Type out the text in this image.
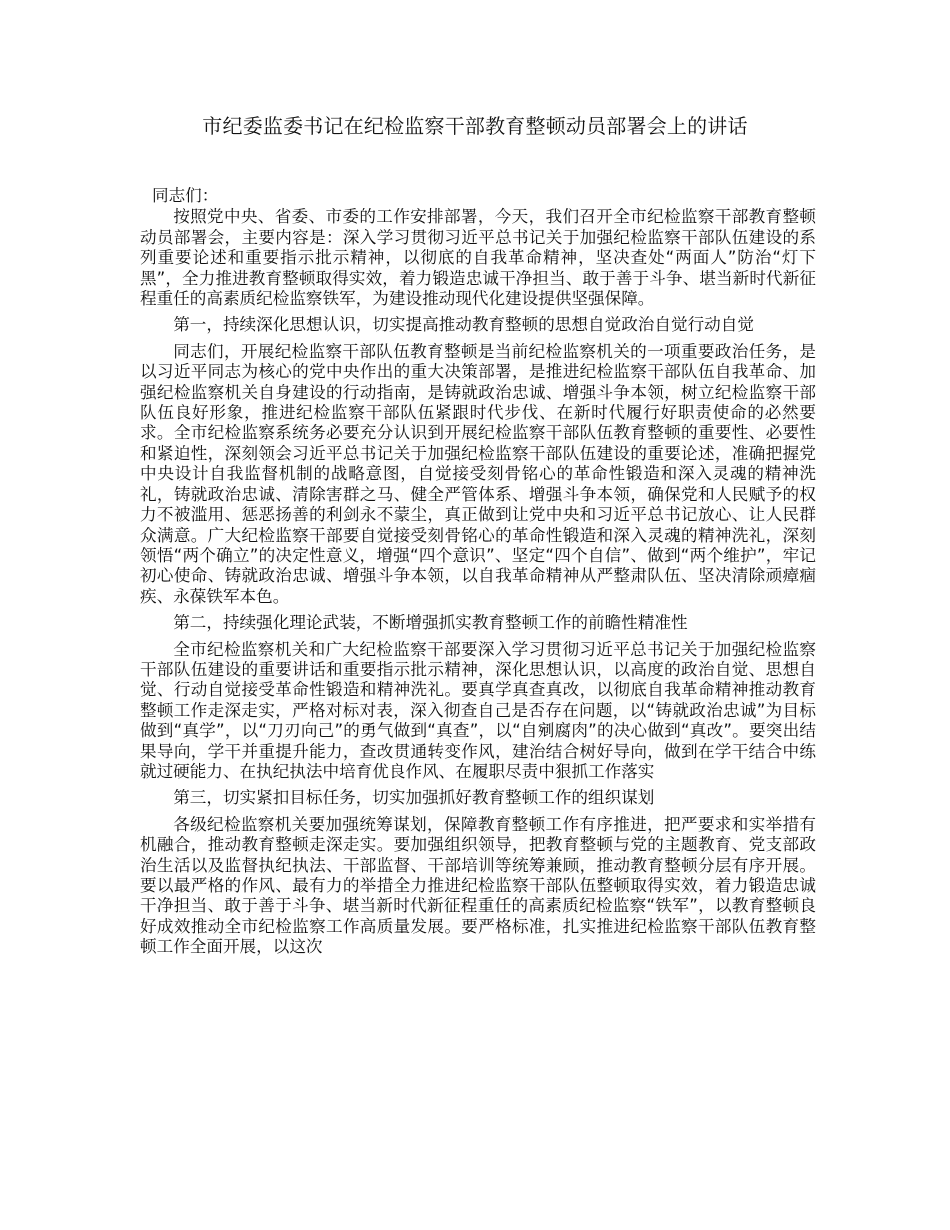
市纪委监委书记在纪检监察干部教育整顿动员部署会上的讲话

同志们：

按照党中央、省委、市委的工作安排部署，今天，我们召开全市纪检监察干部教育整顿动员部署会，主要内容是：深入学习贯彻习近平总书记关于加强纪检监察干部队伍建设的系列重要论述和重要指示批示精神，以彻底的自我革命精神，坚决查处“两面人”防治“灯下黑”，全力推进教育整顿取得实效，着力锻造忠诚干净担当、敢于善于斗争、堪当新时代新征程重任的高素质纪检监察铁军，为建设推动现代化建设提供坚强保障。

第一，持续深化思想认识，切实提高推动教育整顿的思想自觉政治自觉行动自觉

同志们，开展纪检监察干部队伍教育整顿是当前纪检监察机关的一项重要政治任务，是以习近平同志为核心的党中央作出的重大决策部署，是推进纪检监察干部队伍自我革命、加强纪检监察机关自身建设的行动指南，是铸就政治忠诚、增强斗争本领，树立纪检监察干部队伍良好形象，推进纪检监察干部队伍紧跟时代步伐、在新时代履行好职责使命的必然要求。全市纪检监察系统务必要充分认识到开展纪检监察干部队伍教育整顿的重要性、必要性和紧迫性，深刻领会习近平总书记关于加强纪检监察干部队伍建设的重要论述，准确把握党中央设计自我监督机制的战略意图，自觉接受刻骨铭心的革命性锻造和深入灵魂的精神洗礼，铸就政治忠诚、清除害群之马、健全严管体系、增强斗争本领，确保党和人民赋予的权力不被滥用、惩恶扬善的利剑永不蒙尘，真正做到让党中央和习近平总书记放心、让人民群众满意。广大纪检监察干部要自觉接受刻骨铭心的革命性锻造和深入灵魂的精神洗礼，深刻领悟“两个确立”的决定性意义，增强“四个意识”、坚定“四个自信”、做到“两个维护”，牢记初心使命、铸就政治忠诚、增强斗争本领，以自我革命精神从严整肃队伍、坚决清除顽瘴痼疾、永葆铁军本色。

第二，持续强化理论武装，不断增强抓实教育整顿工作的前瞻性精准性

全市纪检监察机关和广大纪检监察干部要深入学习贯彻习近平总书记关于加强纪检监察干部队伍建设的重要讲话和重要指示批示精神，深化思想认识，以高度的政治自觉、思想自觉、行动自觉接受革命性锻造和精神洗礼。要真学真查真改，以彻底自我革命精神推动教育整顿工作走深走实，严格对标对表，深入彻查自己是否存在问题，以“铸就政治忠诚”为目标做到“真学”，以“刀刃向己”的勇气做到“真查”，以“自剜腐肉”的决心做到“真改”。要突出结果导向，学干并重提升能力，查改贯通转变作风，建治结合树好导向，做到在学干结合中练就过硬能力、在执纪执法中培育优良作风、在履职尽责中狠抓工作落实

第三，切实紧扣目标任务，切实加强抓好教育整顿工作的组织谋划

各级纪检监察机关要加强统筹谋划，保障教育整顿工作有序推进，把严要求和实举措有机融合，推动教育整顿走深走实。要加强组织领导，把教育整顿与党的主题教育、党支部政治生活以及监督执纪执法、干部监督、干部培训等统筹兼顾，推动教育整顿分层有序开展。要以最严格的作风、最有力的举措全力推进纪检监察干部队伍整顿取得实效，着力锻造忠诚干净担当、敢于善于斗争、堪当新时代新征程重任的高素质纪检监察“铁军”，以教育整顿良好成效推动全市纪检监察工作高质量发展。要严格标准，扎实推进纪检监察干部队伍教育整顿工作全面开展，以这次
